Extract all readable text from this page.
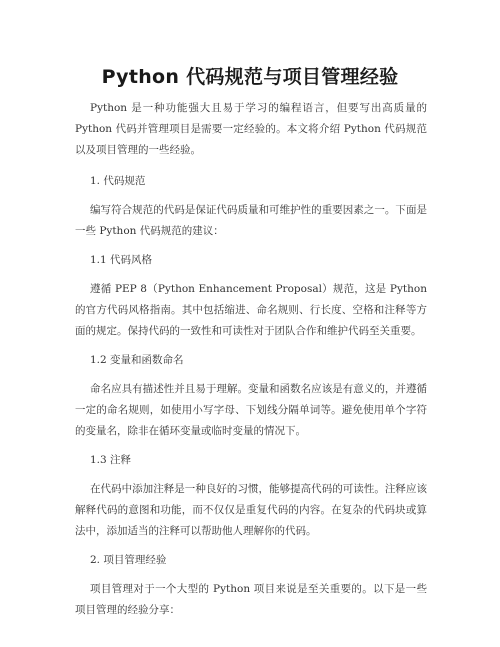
Python 代码规范与项目管理经验

Python 是一种功能强大且易于学习的编程语言，但要写出高质量的 Python 代码并管理项目是需要一定经验的。本文将介绍 Python 代码规范以及项目管理的一些经验。

1. 代码规范

编写符合规范的代码是保证代码质量和可维护性的重要因素之一。下面是一些 Python 代码规范的建议：

1.1 代码风格

遵循 PEP 8（Python Enhancement Proposal）规范，这是 Python 的官方代码风格指南。其中包括缩进、命名规则、行长度、空格和注释等方面的规定。保持代码的一致性和可读性对于团队合作和维护代码至关重要。

1.2 变量和函数命名

命名应具有描述性并且易于理解。变量和函数名应该是有意义的，并遵循一定的命名规则，如使用小写字母、下划线分隔单词等。避免使用单个字符的变量名，除非在循环变量或临时变量的情况下。

1.3 注释

在代码中添加注释是一种良好的习惯，能够提高代码的可读性。注释应该解释代码的意图和功能，而不仅仅是重复代码的内容。在复杂的代码块或算法中，添加适当的注释可以帮助他人理解你的代码。

2. 项目管理经验

项目管理对于一个大型的 Python 项目来说是至关重要的。以下是一些项目管理的经验分享：
